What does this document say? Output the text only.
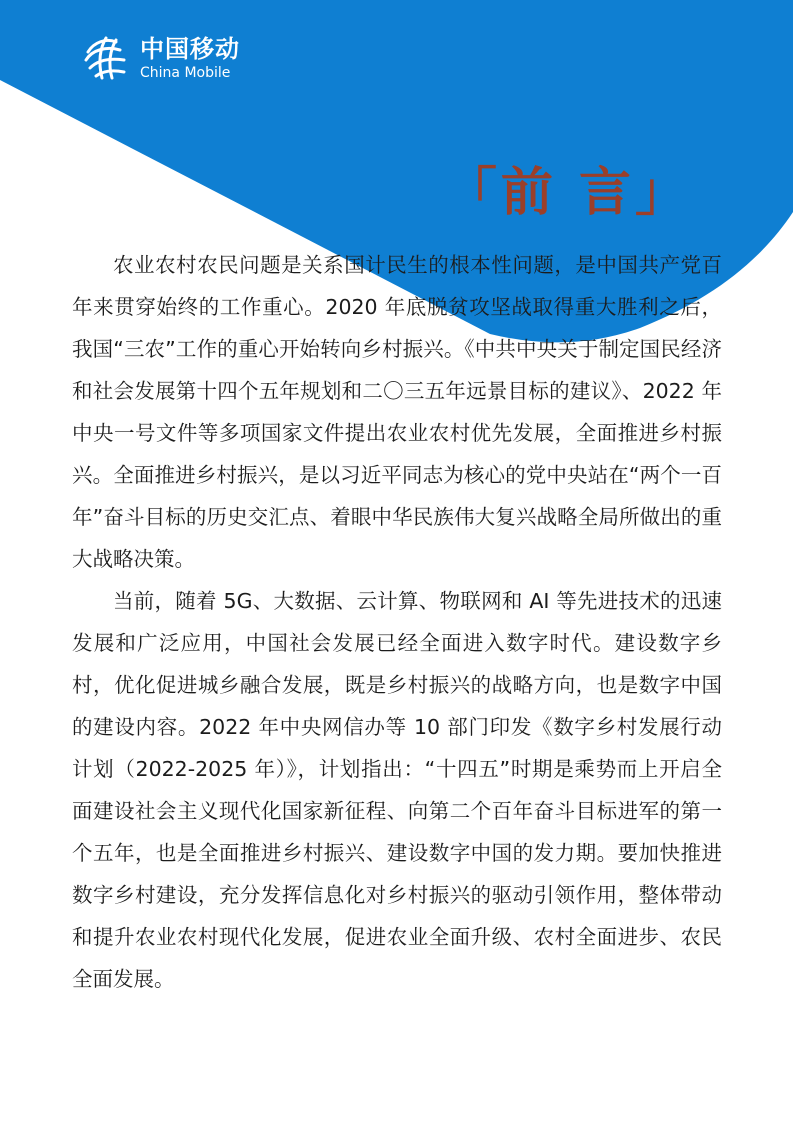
中国移动
China Mobile
「前 言」

农业农村农民问题是关系国计民生的根本性问题，是中国共产党百年来贯穿始终的工作重心。2020 年底脱贫攻坚战取得重大胜利之后，我国“三农”工作的重心开始转向乡村振兴。《中共中央关于制定国民经济和社会发展第十四个五年规划和二〇三五年远景目标的建议》、2022 年中央一号文件等多项国家文件提出农业农村优先发展，全面推进乡村振兴。全面推进乡村振兴，是以习近平同志为核心的党中央站在“两个一百年”奋斗目标的历史交汇点、着眼中华民族伟大复兴战略全局所做出的重大战略决策。

当前，随着 5G、大数据、云计算、物联网和 AI 等先进技术的迅速发展和广泛应用，中国社会发展已经全面进入数字时代。建设数字乡村，优化促进城乡融合发展，既是乡村振兴的战略方向，也是数字中国的建设内容。2022 年中央网信办等 10 部门印发《数字乡村发展行动计划（2022-2025 年）》，计划指出：“十四五”时期是乘势而上开启全面建设社会主义现代化国家新征程、向第二个百年奋斗目标进军的第一个五年，也是全面推进乡村振兴、建设数字中国的发力期。要加快推进数字乡村建设，充分发挥信息化对乡村振兴的驱动引领作用，整体带动和提升农业农村现代化发展，促进农业全面升级、农村全面进步、农民全面发展。
